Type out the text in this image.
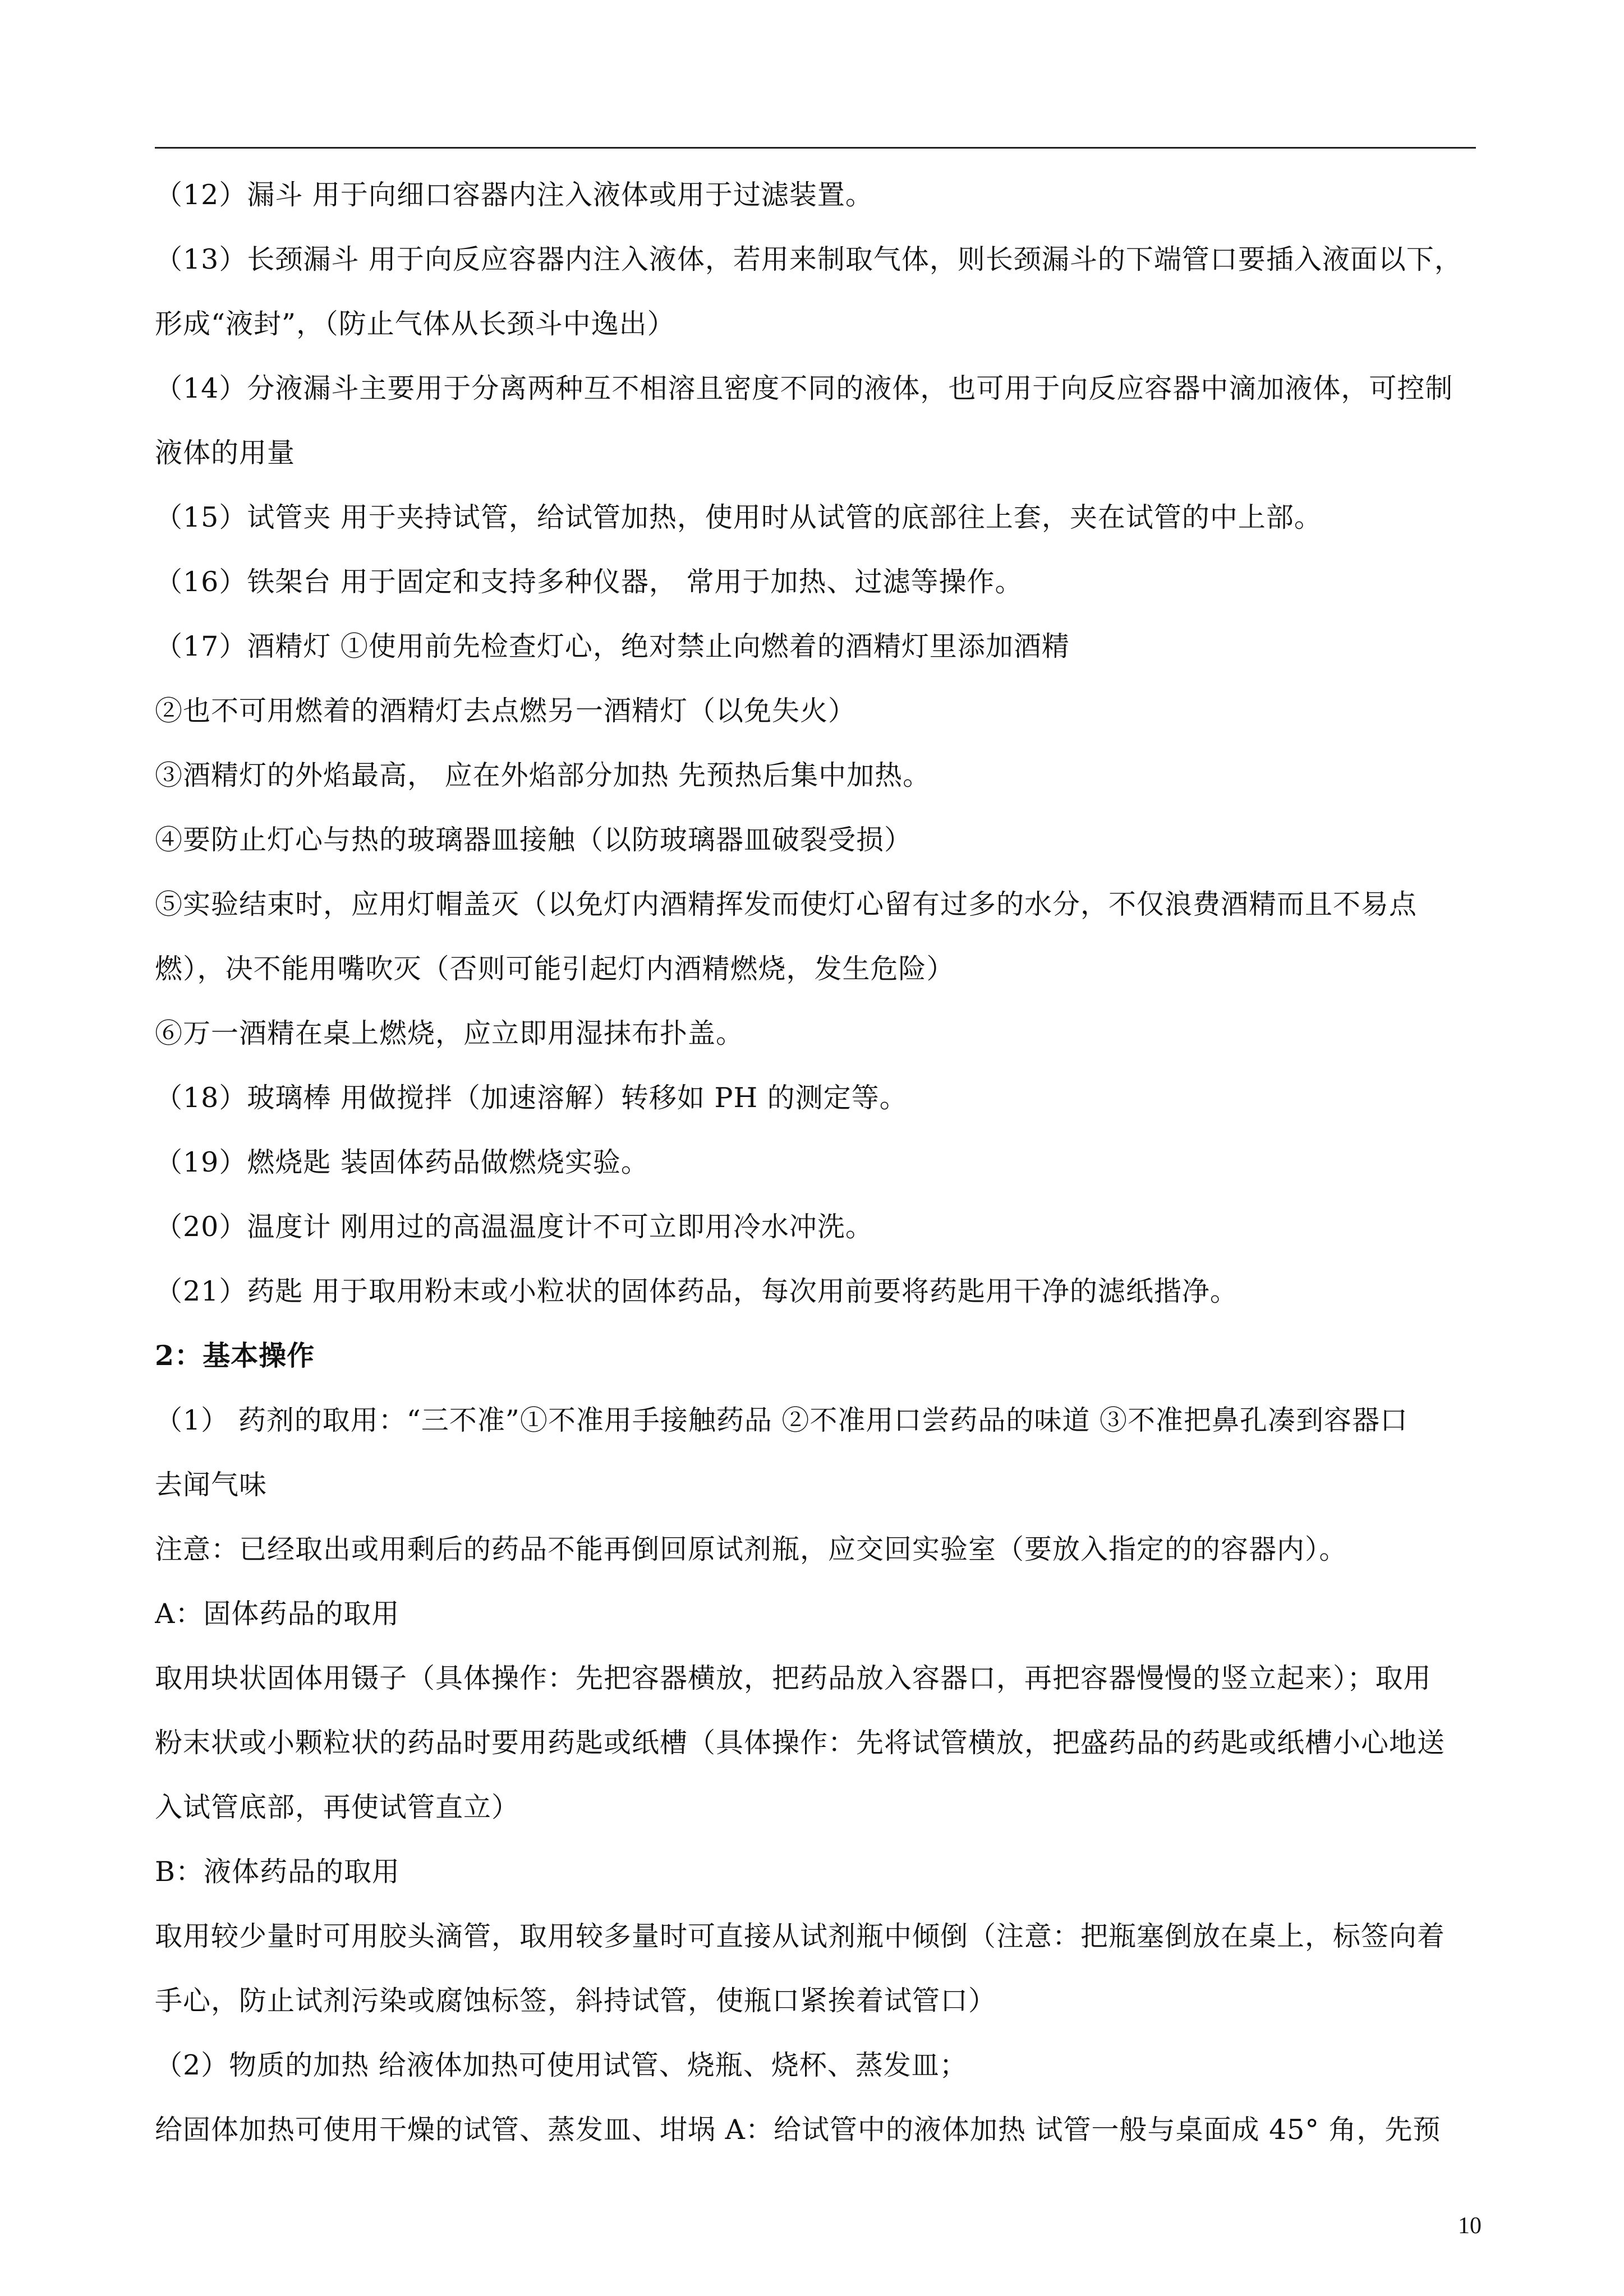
（12）漏斗 用于向细口容器内注入液体或用于过滤装置。
（13）长颈漏斗 用于向反应容器内注入液体，若用来制取气体，则长颈漏斗的下端管口要插入液面以下，
形成“液封”，（防止气体从长颈斗中逸出）
（14）分液漏斗主要用于分离两种互不相溶且密度不同的液体，也可用于向反应容器中滴加液体，可控制
液体的用量
（15）试管夹 用于夹持试管，给试管加热，使用时从试管的底部往上套，夹在试管的中上部。
（16）铁架台 用于固定和支持多种仪器， 常用于加热、过滤等操作。
（17）酒精灯 ①使用前先检查灯心，绝对禁止向燃着的酒精灯里添加酒精
②也不可用燃着的酒精灯去点燃另一酒精灯（以免失火）
③酒精灯的外焰最高， 应在外焰部分加热 先预热后集中加热。
④要防止灯心与热的玻璃器皿接触（以防玻璃器皿破裂受损）
⑤实验结束时，应用灯帽盖灭（以免灯内酒精挥发而使灯心留有过多的水分，不仅浪费酒精而且不易点
燃），决不能用嘴吹灭（否则可能引起灯内酒精燃烧，发生危险）
⑥万一酒精在桌上燃烧，应立即用湿抹布扑盖。
（18）玻璃棒 用做搅拌（加速溶解）转移如 PH 的测定等。
（19）燃烧匙 装固体药品做燃烧实验。
（20）温度计 刚用过的高温温度计不可立即用冷水冲洗。
（21）药匙 用于取用粉末或小粒状的固体药品，每次用前要将药匙用干净的滤纸揩净。
2：基本操作
（1） 药剂的取用：“三不准”①不准用手接触药品 ②不准用口尝药品的味道 ③不准把鼻孔凑到容器口
去闻气味
注意：已经取出或用剩后的药品不能再倒回原试剂瓶，应交回实验室（要放入指定的的容器内）。
A：固体药品的取用
取用块状固体用镊子（具体操作：先把容器横放，把药品放入容器口，再把容器慢慢的竖立起来）；取用
粉末状或小颗粒状的药品时要用药匙或纸槽（具体操作：先将试管横放，把盛药品的药匙或纸槽小心地送
入试管底部，再使试管直立）
B：液体药品的取用
取用较少量时可用胶头滴管，取用较多量时可直接从试剂瓶中倾倒（注意：把瓶塞倒放在桌上，标签向着
手心，防止试剂污染或腐蚀标签，斜持试管，使瓶口紧挨着试管口）
（2）物质的加热 给液体加热可使用试管、烧瓶、烧杯、蒸发皿；
给固体加热可使用干燥的试管、蒸发皿、坩埚 A：给试管中的液体加热 试管一般与桌面成 45° 角，先预
10
